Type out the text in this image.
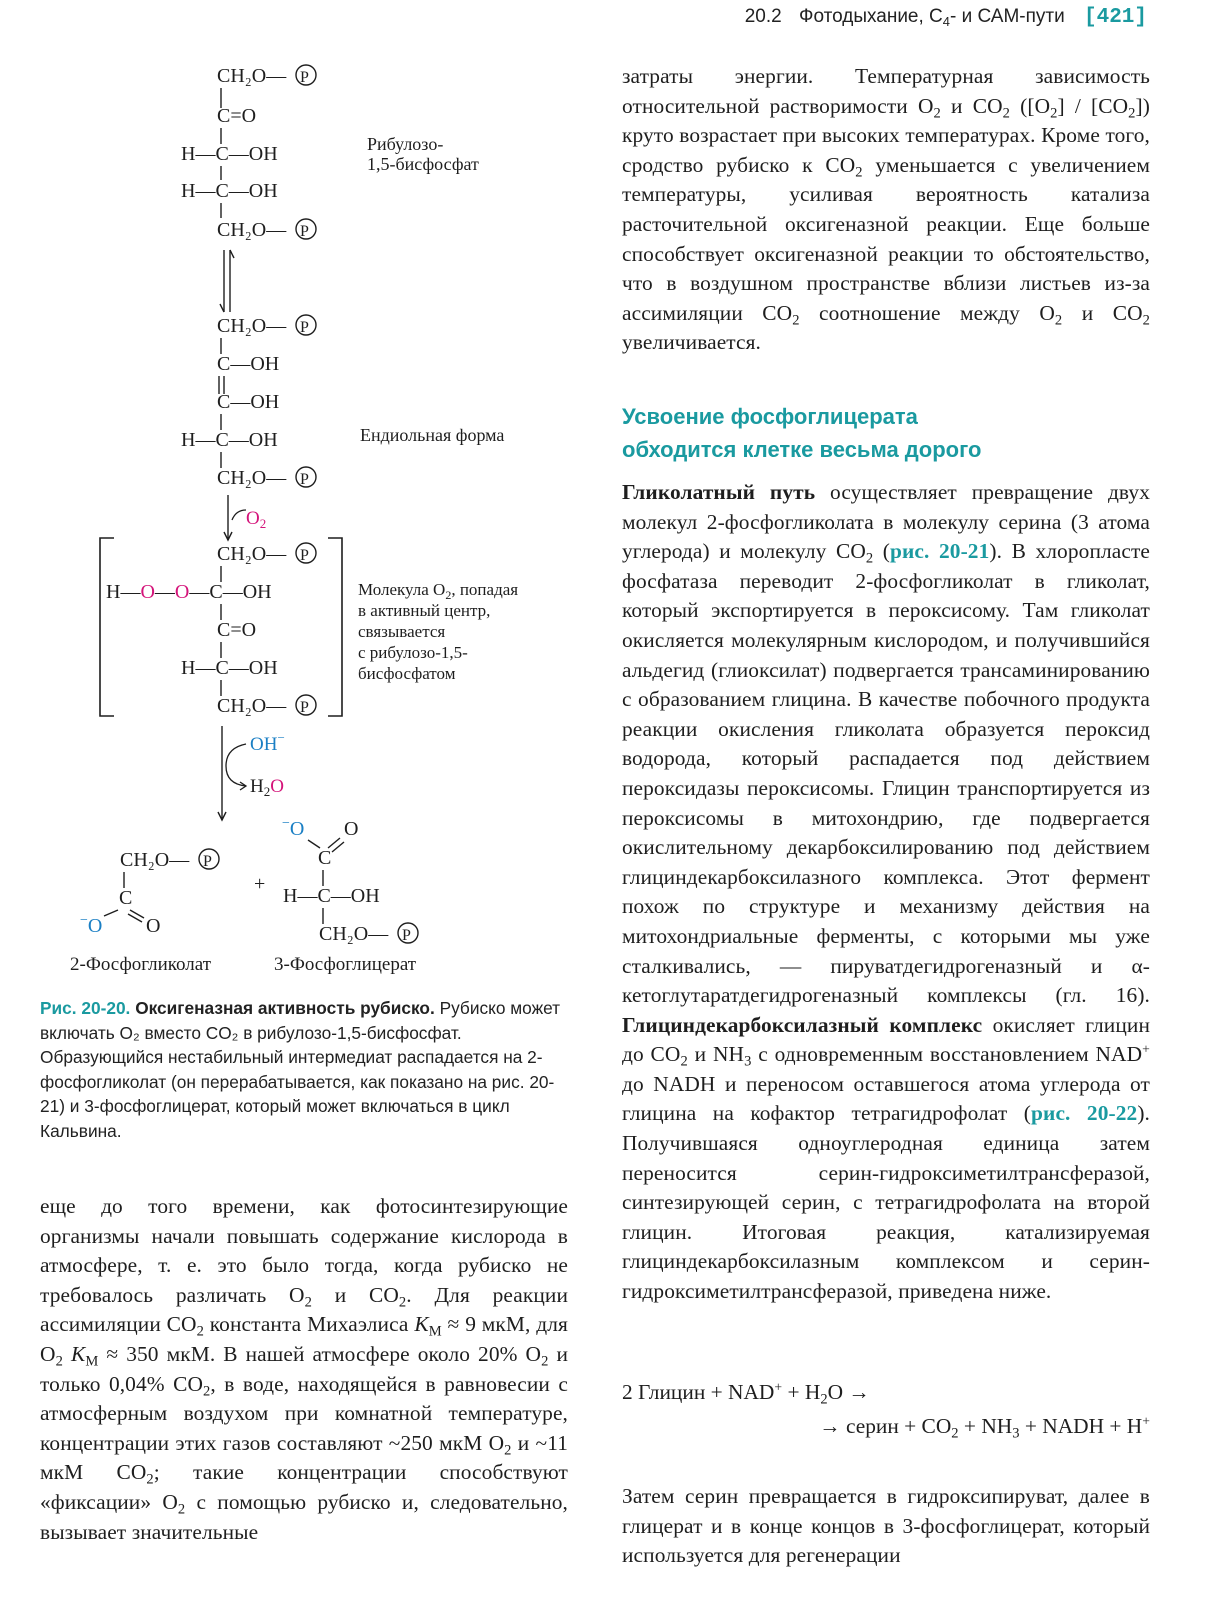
20.2 Фотодыхание, $C_4-$ и САМ-пути [421]
CH₂O— P
C=O
H—C—OH
H—C—OH
CH₂O— P
Рибулозо-
1,5-бисфосфат
CH₂O— P
C—OH
C—OH
H—C—OH
CH₂O— P
Ендиольная форма
$O_2$
CH₂O— P
H—O—O—C—OH
C=O
H—C—OH
CH₂O— P
Молекула $O_2$, попадая
в активный центр,
связывается
с рибулозо-1,5-
бисфосфатом
OH−
$H_2O$
CH₂O— P
C
−O O
+
−O O
C
H—C—OH
CH₂O— P
2-Фосфогликолат	3-Фосфоглицерат
Рис. 20-20. Оксигеназная активность рубиско. Рубиско может включать O₂ вместо CO₂ в рибулозо-1,5-бисфосфат. Образующийся нестабильный интермедиат распадается на 2-фосфогликолат (он перерабатывается, как показано на рис. 20-21) и 3-фосфоглицерат, который может включаться в цикл Кальвина.

еще до того времени, как фотосинтезирующие организмы начали повышать содержание кислорода в атмосфере, т. е. это было тогда, когда рубиско не требовалось различать $O_2$ и $CO_2$. Для реакции ассимиляции $CO_2$ константа Михаэлиса $K_M \approx 9$ мкМ, для $O_2$ $K_M \approx 350$ мкМ. В нашей атмосфере около 20% $O_2$ и только 0,04% $CO_2$, в воде, находящейся в равновесии с атмосферным воздухом при комнатной температуре, концентрации этих газов составляют ~250 мкМ $O_2$ и ~11 мкМ $CO_2$; такие концентрации способствуют «фиксации» $O_2$ с помощью рубиско и, следовательно, вызывает значительные

затраты энергии. Температурная зависимость относительной растворимости $O_2$ и $CO_2$ $([O_2] / [CO_2])$ круто возрастает при высоких температурах. Кроме того, сродство рубиско к $CO_2$ уменьшается с увеличением температуры, усиливая вероятность катализа расточительной оксигеназной реакции. Еще больше способствует оксигеназной реакции то обстоятельство, что в воздушном пространстве вблизи листьев из-за ассимиляции $CO_2$ соотношение между $O_2$ и $CO_2$ увеличивается.

Усвоение фосфоглицерата
обходится клетке весьма дорого

Гликолатный путь осуществляет превращение двух молекул 2-фосфогликолата в молекулу серина (3 атома углерода) и молекулу $CO_2$ (рис. 20-21). В хлоропласте фосфатаза переводит 2-фосфогликолат в гликолат, который экспортируется в пероксисому. Там гликолат окисляется молекулярным кислородом, и получившийся альдегид (глиоксилат) подвергается трансаминированию с образованием глицина. В качестве побочного продукта реакции окисления гликолата образуется пероксид водорода, который распадается под действием пероксидазы пероксисомы. Глицин транспортируется из пероксисомы в митохондрию, где подвергается окислительному декарбоксилированию под действием глициндекарбоксилазного комплекса. Этот фермент похож по структуре и механизму действия на митохондриальные ферменты, с которыми мы уже сталкивались, — пируватдегидрогеназный и α-кетоглутаратдегидрогеназный комплексы (гл. 16). Глициндекарбоксилазный комплекс окисляет глицин до $CO_2$ и $NH_3$ с одновременным восстановлением NAD+ до NADH и переносом оставшегося атома углерода от глицина на кофактор тетрагидрофолат (рис. 20-22). Получившаяся одноуглеродная единица затем переносится серин-гидроксиметилтрансферазой, синтезирующей серин, с тетрагидрофолата на второй глицин. Итоговая реакция, катализируемая глициндекарбоксилазным комплексом и серин-гидроксиметилтрансферазой, приведена ниже.

2 Глицин + $NAD^+ + H_2O$ →
→ серин + $CO_2 + NH_3$ + NADH + H+

Затем серин превращается в гидроксипируват, далее в глицерат и в конце концов в 3-фосфоглицерат, который используется для регенерации
